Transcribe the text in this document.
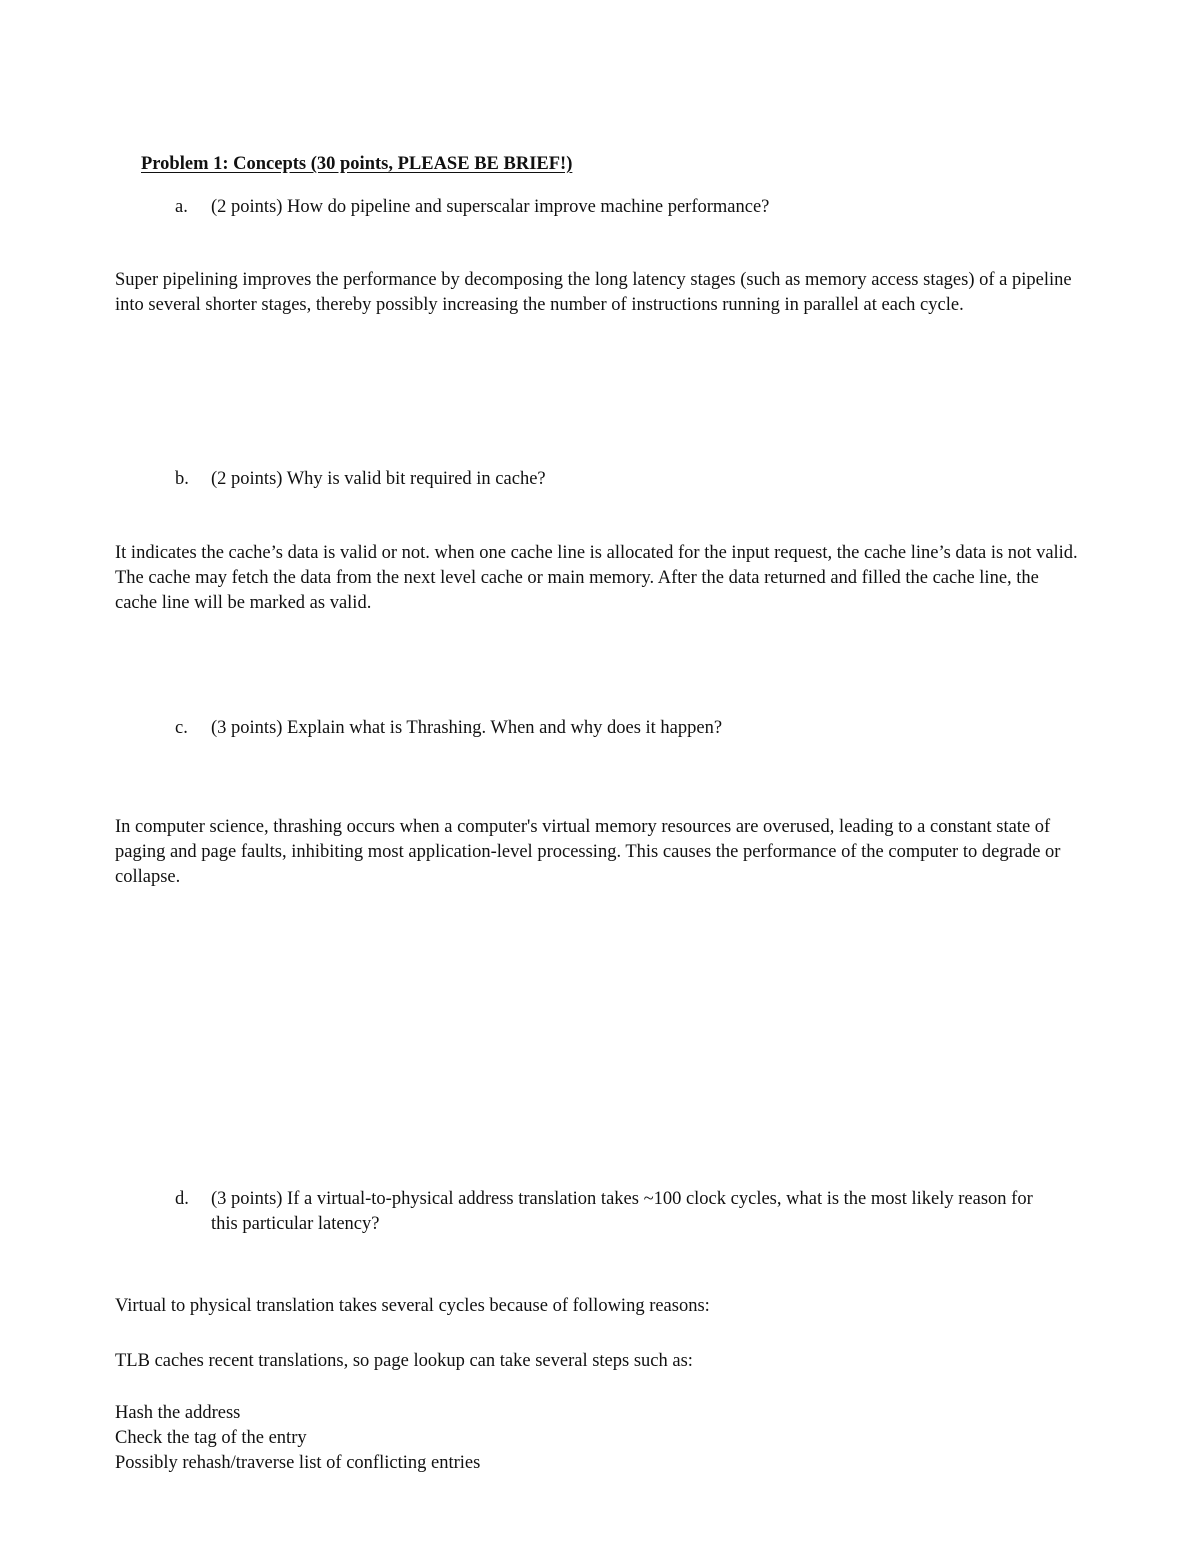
Problem 1: Concepts (30 points, PLEASE BE BRIEF!)
a. (2 points) How do pipeline and superscalar improve machine performance?

Super pipelining improves the performance by decomposing the long latency stages (such as memory access stages) of a pipeline into several shorter stages, thereby possibly increasing the number of instructions running in parallel at each cycle.

b. (2 points) Why is valid bit required in cache?

It indicates the cache’s data is valid or not. when one cache line is allocated for the input request, the cache line’s data is not valid. The cache may fetch the data from the next level cache or main memory. After the data returned and filled the cache line, the cache line will be marked as valid.

c. (3 points) Explain what is Thrashing. When and why does it happen?

In computer science, thrashing occurs when a computer's virtual memory resources are overused, leading to a constant state of paging and page faults, inhibiting most application-level processing. This causes the performance of the computer to degrade or collapse.

d. (3 points) If a virtual-to-physical address translation takes ~100 clock cycles, what is the most likely reason for this particular latency?

Virtual to physical translation takes several cycles because of following reasons:

TLB caches recent translations, so page lookup can take several steps such as:

Hash the address
Check the tag of the entry
Possibly rehash/traverse list of conflicting entries
